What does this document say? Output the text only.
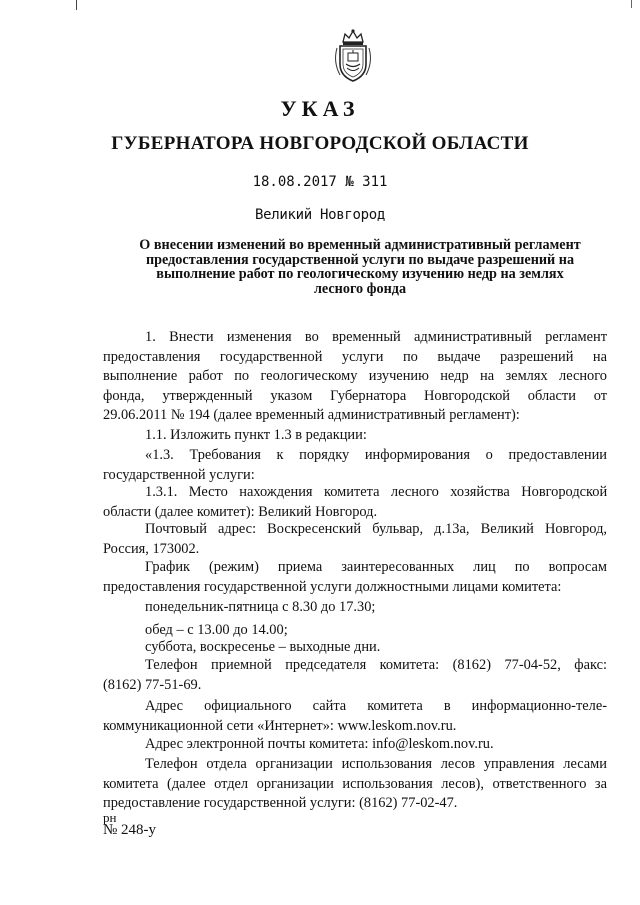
УКАЗ
ГУБЕРНАТОРА НОВГОРОДСКОЙ ОБЛАСТИ
18.08.2017 № 311
Великий Новгород
О внесении изменений во временный административный регламент
предоставления государственной услуги по выдаче разрешений на
выполнение работ по геологическому изучению недр на землях
лесного фонда
1. Внести изменения во временный административный регламент
предоставления государственной услуги по выдаче разрешений на
выполнение работ по геологическому изучению недр на землях лесного
фонда, утвержденный указом Губернатора Новгородской области от
29.06.2011 № 194 (далее временный административный регламент):
1.1. Изложить пункт 1.3 в редакции:
«1.3. Требования к порядку информирования о предоставлении
государственной услуги:
1.3.1. Место нахождения комитета лесного хозяйства Новгородской
области (далее комитет): Великий Новгород.
Почтовый адрес: Воскресенский бульвар, д.13а, Великий Новгород,
Россия, 173002.
График (режим) приема заинтересованных лиц по вопросам
предоставления государственной услуги должностными лицами комитета:
понедельник-пятница с 8.30 до 17.30;
обед – с 13.00 до 14.00;
суббота, воскресенье – выходные дни.
Телефон приемной председателя комитета: (8162) 77-04-52, факс:
(8162) 77-51-69.
Адрес официального сайта комитета в информационно-теле-
коммуникационной сети «Интернет»: www.leskom.nov.ru.
Адрес электронной почты комитета: info@leskom.nov.ru.
Телефон отдела организации использования лесов управления лесами
комитета (далее отдел организации использования лесов), ответственного за
предоставление государственной услуги: (8162) 77-02-47.
рн
№ 248-у
